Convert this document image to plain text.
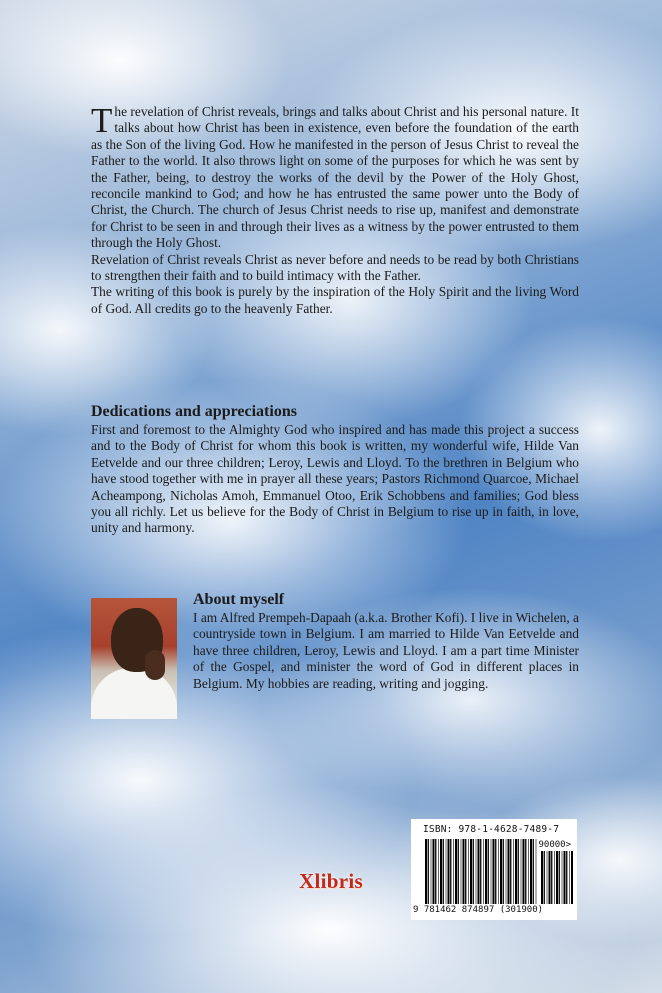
The revelation of Christ reveals, brings and talks about Christ and his personal nature. It talks about how Christ has been in existence, even before the foundation of the earth as the Son of the living God. How he manifested in the person of Jesus Christ to reveal the Father to the world. It also throws light on some of the purposes for which he was sent by the Father, being, to destroy the works of the devil by the Power of the Holy Ghost, reconcile mankind to God; and how he has entrusted the same power unto the Body of Christ, the Church. The church of Jesus Christ needs to rise up, manifest and demonstrate for Christ to be seen in and through their lives as a witness by the power entrusted to them through the Holy Ghost.

Revelation of Christ reveals Christ as never before and needs to be read by both Christians to strengthen their faith and to build intimacy with the Father.

The writing of this book is purely by the inspiration of the Holy Spirit and the living Word of God. All credits go to the heavenly Father.

Dedications and appreciations

First and foremost to the Almighty God who inspired and has made this project a success and to the Body of Christ for whom this book is written, my wonderful wife, Hilde Van Eetvelde and our three children; Leroy, Lewis and Lloyd. To the brethren in Belgium who have stood together with me in prayer all these years; Pastors Richmond Quarcoe, Michael Acheampong, Nicholas Amoh, Emmanuel Otoo, Erik Schobbens and families; God bless you all richly. Let us believe for the Body of Christ in Belgium to rise up in faith, in love, unity and harmony.

About myself

I am Alfred Prempeh-Dapaah (a.k.a. Brother Kofi). I live in Wichelen, a countryside town in Belgium. I am married to Hilde Van Eetvelde and have three children, Leroy, Lewis and Lloyd. I am a part time Minister of the Gospel, and minister the word of God in different places in Belgium. My hobbies are reading, writing and jogging.

ISBN: 978-1-4628-7489-7
90000>
9 781462 874897 (301900)
Xlibris
